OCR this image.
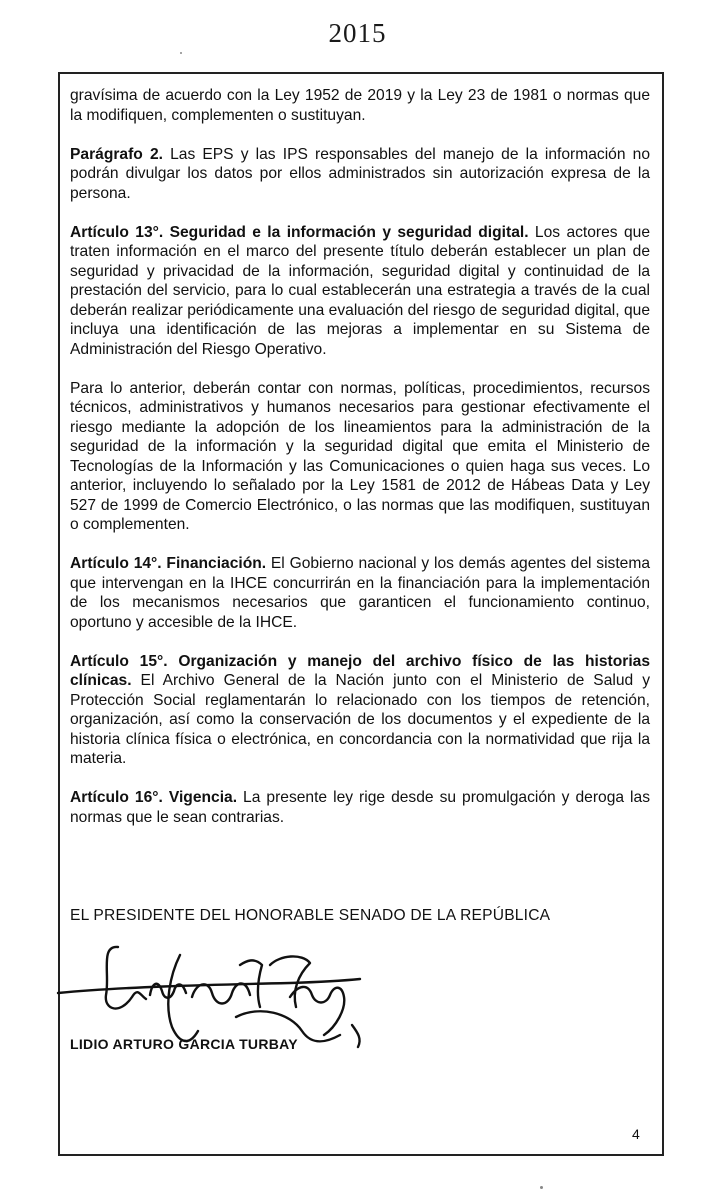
2015

gravísima de acuerdo con la Ley 1952 de 2019 y la Ley 23 de 1981 o normas que la modifiquen, complementen o sustituyan.

Parágrafo 2. Las EPS y las IPS responsables del manejo de la información no podrán divulgar los datos por ellos administrados sin autorización expresa de la persona.

Artículo 13°. Seguridad e la información y seguridad digital. Los actores que traten información en el marco del presente título deberán establecer un plan de seguridad y privacidad de la información, seguridad digital y continuidad de la prestación del servicio, para lo cual establecerán una estrategia a través de la cual deberán realizar periódicamente una evaluación del riesgo de seguridad digital, que incluya una identificación de las mejoras a implementar en su Sistema de Administración del Riesgo Operativo.

Para lo anterior, deberán contar con normas, políticas, procedimientos, recursos técnicos, administrativos y humanos necesarios para gestionar efectivamente el riesgo mediante la adopción de los lineamientos para la administración de la seguridad de la información y la seguridad digital que emita el Ministerio de Tecnologías de la Información y las Comunicaciones o quien haga sus veces. Lo anterior, incluyendo lo señalado por la Ley 1581 de 2012 de Hábeas Data y Ley 527 de 1999 de Comercio Electrónico, o las normas que las modifiquen, sustituyan o complementen.

Artículo 14°. Financiación. El Gobierno nacional y los demás agentes del sistema que intervengan en la IHCE concurrirán en la financiación para la implementación de los mecanismos necesarios que garanticen el funcionamiento continuo, oportuno y accesible de la IHCE.

Artículo 15°. Organización y manejo del archivo físico de las historias clínicas. El Archivo General de la Nación junto con el Ministerio de Salud y Protección Social reglamentarán lo relacionado con los tiempos de retención, organización, así como la conservación de los documentos y el expediente de la historia clínica física o electrónica, en concordancia con la normatividad que rija la materia.

Artículo 16°. Vigencia. La presente ley rige desde su promulgación y deroga las normas que le sean contrarias.

EL PRESIDENTE DEL HONORABLE SENADO DE LA REPÚBLICA
LIDIO ARTURO GARCIA TURBAY
4
